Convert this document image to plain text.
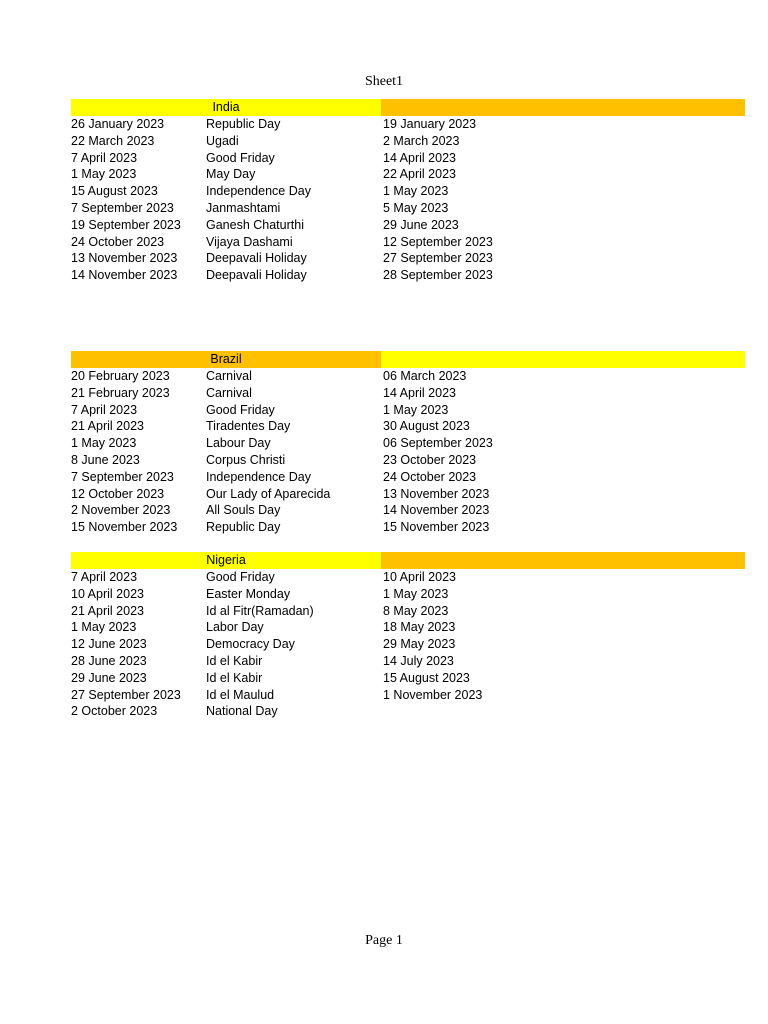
Sheet1
India
26 January 2023	Republic Day	19 January 2023
22 March 2023	Ugadi	2 March 2023
7 April 2023	Good Friday	14 April 2023
1 May 2023	May Day	22 April 2023
15 August 2023	Independence Day	1 May 2023
7 September 2023	Janmashtami	5 May 2023
19 September 2023 Ganesh Chaturthi	29 June 2023
24 October 2023	Vijaya Dashami	12 September 2023
13 November 2023 Deepavali Holiday	27 September 2023
14 November 2023 Deepavali Holiday	28 September 2023
Brazil
20 February 2023	Carnival	06 March 2023
21 February 2023	Carnival	14 April 2023
7 April 2023	Good Friday	1 May 2023
21 April 2023	Tiradentes Day	30 August 2023
1 May 2023	Labour Day	06 September 2023
8 June 2023	Corpus Christi	23 October 2023
7 September 2023	Independence Day	24 October 2023
12 October 2023	Our Lady of Aparecida	13 November 2023
2 November 2023	All Souls Day	14 November 2023
15 November 2023 Republic Day	15 November 2023
Nigeria
7 April 2023	Good Friday	10 April 2023
10 April 2023	Easter Monday	1 May 2023
21 April 2023	Id al Fitr(Ramadan)	8 May 2023
1 May 2023	Labor Day	18 May 2023
12 June 2023	Democracy Day	29 May 2023
28 June 2023	Id el Kabir	14 July 2023
29 June 2023	Id el Kabir	15 August 2023
27 September 2023 Id el Maulud	1 November 2023
2 October 2023	National Day
Page 1
